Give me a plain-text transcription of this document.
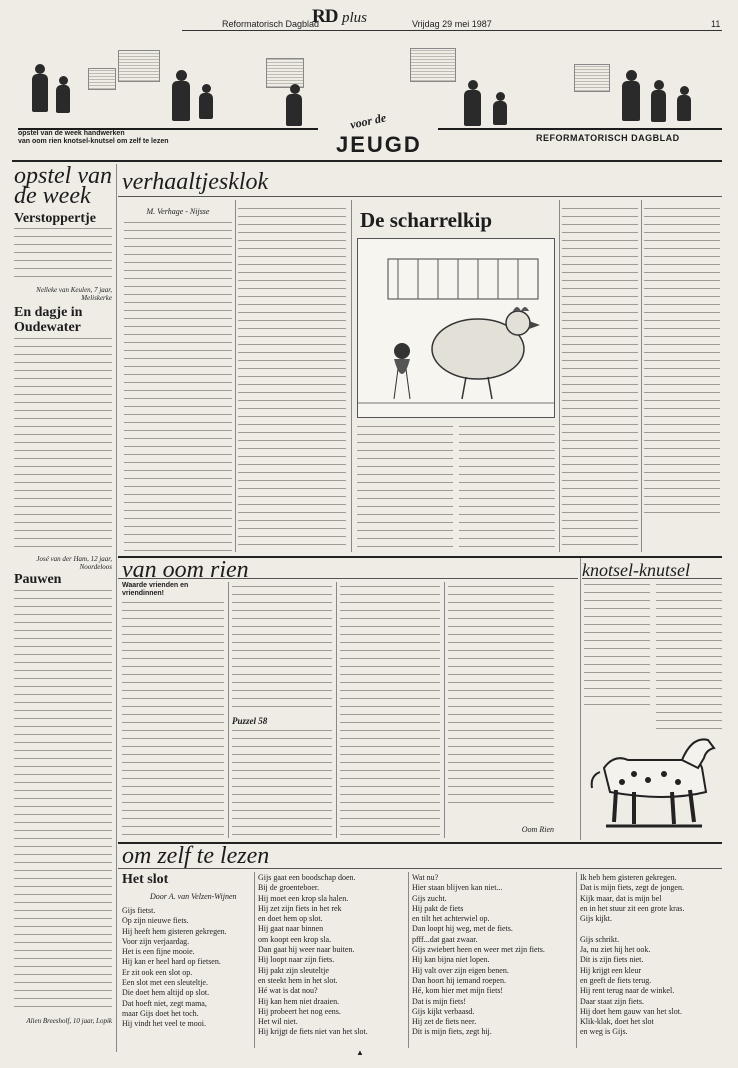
RD plus
Reformatorisch Dagblad	Vrijdag 29 mei 1987	11
opstel van de week handwerken
van oom rien knotsel-knutsel om zelf te lezen
voor de
JEUGD	REFORMATORISCH DAGBLAD
opstel van de week
Verstoppertje
Nelleke van Keulen, 7 jaar, Meliskerke
En dagje in Oudewater
José van der Ham, 12 jaar, Noordeloos
Pauwen
Alien Breesholf, 10 jaar, Lopik
verhaaltjesklok
M. Verhage - Nijsse	De scharrelkip
van oom rien
Waarde vrienden en vriendinnen!
Puzzel 58
Oom Rien
knotsel-knutsel
om zelf te lezen
Het slot
Door A. van Velzen-Wijnen
Gijs fietst.
Op zijn nieuwe fiets.
Hij heeft hem gisteren gekregen.
Voor zijn verjaardag.
Het is een fijne mooie.
Hij kan er heel hard op fietsen.
Er zit ook een slot op.
Een slot met een sleuteltje.
Die doet hem altijd op slot.
Dat hoeft niet, zegt mama,
maar Gijs doet het toch.
Hij vindt het veel te mooi.
Gijs gaat een boodschap doen.
Bij de groenteboer.
Hij moet een krop sla halen.
Hij zet zijn fiets in het rek
en doet hem op slot.
Hij gaat naar binnen
om koopt een krop sla.
Dan gaat hij weer naar buiten.
Hij loopt naar zijn fiets.
Hij pakt zijn sleuteltje
en steekt hem in het slot.
Hé wat is dat nou?
Hij kan hem niet draaien.
Hij probeert het nog eens.
Het wil niet.
Hij krijgt de fiets niet van het slot.
Wat nu?
Hier staan blijven kan niet...
Gijs zucht.
Hij pakt de fiets
en tilt het achterwiel op.
Dan loopt hij weg, met de fiets.
pfff...dat gaat zwaar.
Gijs zwiebert heen en weer met zijn fiets.
Hij kan bijna niet lopen.
Hij valt over zijn eigen benen.
Dan hoort hij iemand roepen.
Hé, kom hier met mijn fiets!
Dat is mijn fiets!
Gijs kijkt verbaasd.
Hij zet de fiets neer.
Dit is mijn fiets, zegt hij.
Ik heb hem gisteren gekregen.
Dat is mijn fiets, zegt de jongen.
Kijk maar, dat is mijn bel
en in het stuur zit een grote kras.
Gijs kijkt.

Gijs schrikt.
Ja, nu ziet hij het ook.
Dit is zijn fiets niet.
Hij krijgt een kleur
en geeft de fiets terug.
Hij rent terug naar de winkel.
Daar staat zijn fiets.
Hij doet hem gauw van het slot.
Klik-klak, doet het slot
en weg is Gijs.
▲
